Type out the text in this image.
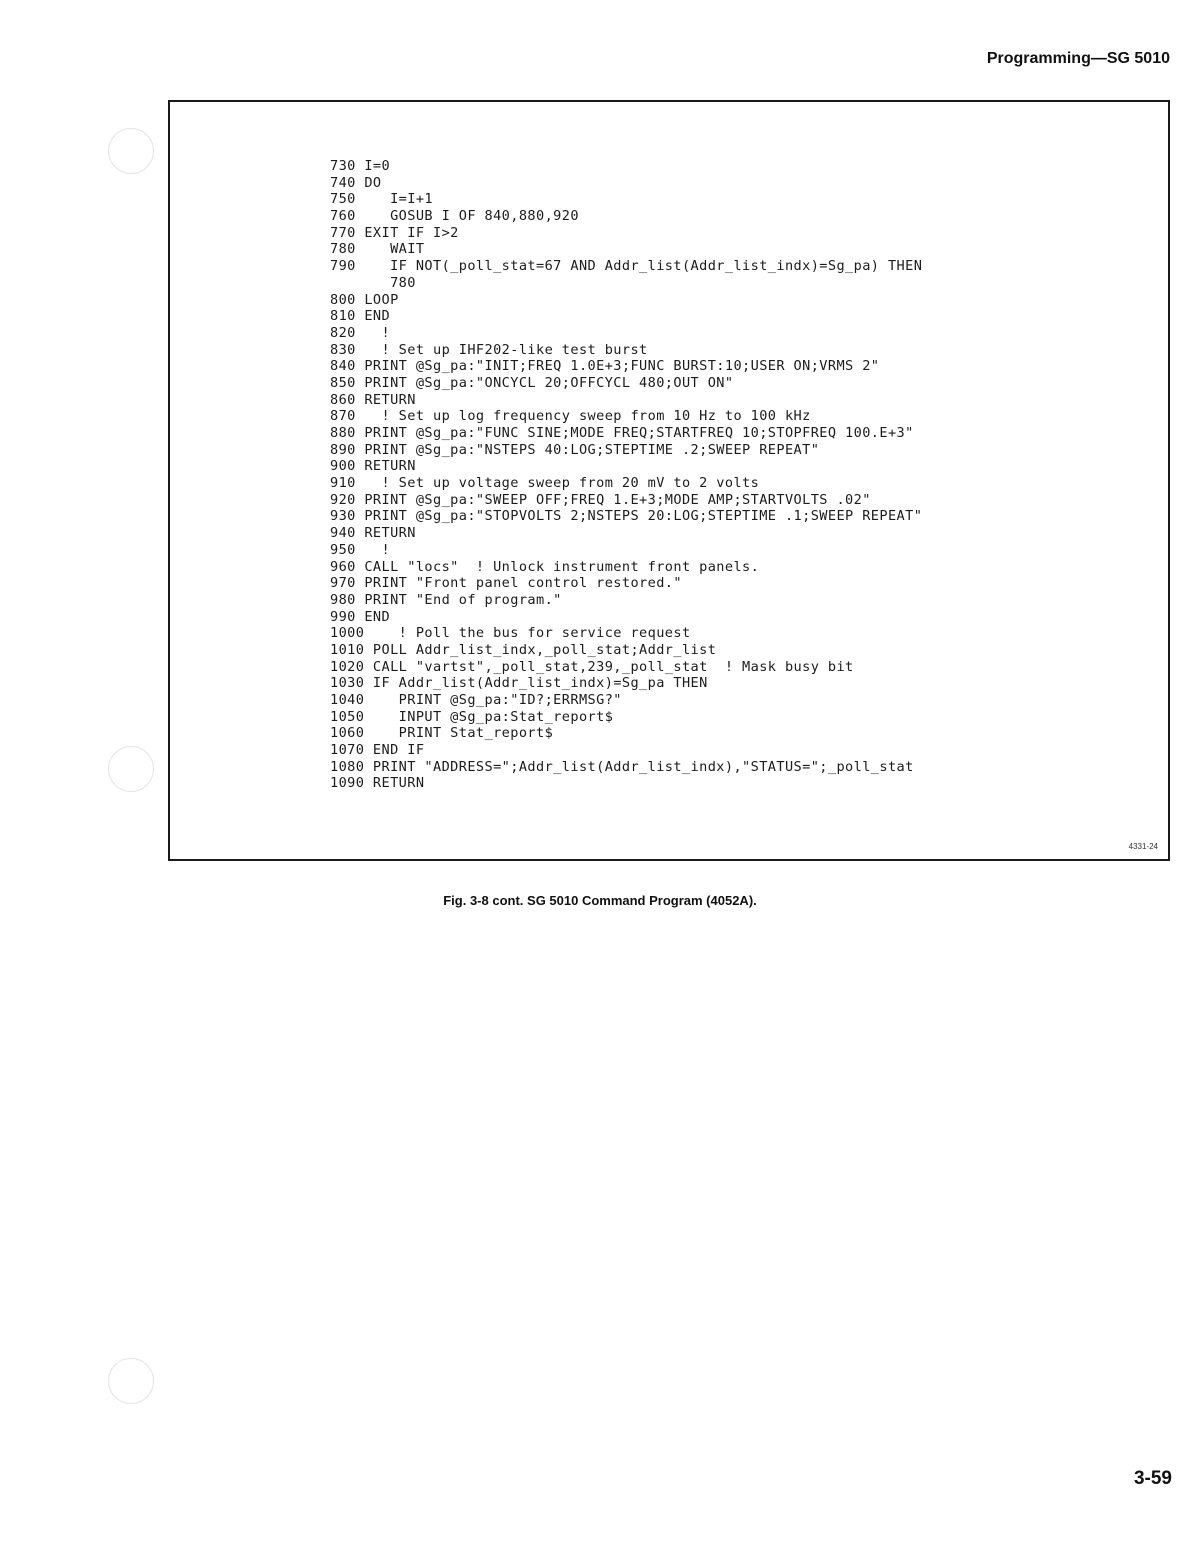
Programming—SG 5010
730 I=0
740 DO
750    I=I+1
760    GOSUB I OF 840,880,920
770 EXIT IF I>2
780    WAIT
790    IF NOT(_poll_stat=67 AND Addr_list(Addr_list_indx)=Sg_pa) THEN
780
800 LOOP
810 END
820   !
830   ! Set up IHF202-like test burst
840 PRINT @Sg_pa:"INIT;FREQ 1.0E+3;FUNC BURST:10;USER ON;VRMS 2"
850 PRINT @Sg_pa:"ONCYCL 20;OFFCYCL 480;OUT ON"
860 RETURN
870   ! Set up log frequency sweep from 10 Hz to 100 kHz
880 PRINT @Sg_pa:"FUNC SINE;MODE FREQ;STARTFREQ 10;STOPFREQ 100.E+3"
890 PRINT @Sg_pa:"NSTEPS 40:LOG;STEPTIME .2;SWEEP REPEAT"
900 RETURN
910   ! Set up voltage sweep from 20 mV to 2 volts
920 PRINT @Sg_pa:"SWEEP OFF;FREQ 1.E+3;MODE AMP;STARTVOLTS .02"
930 PRINT @Sg_pa:"STOPVOLTS 2;NSTEPS 20:LOG;STEPTIME .1;SWEEP REPEAT"
940 RETURN
950   !
960 CALL "locs"  ! Unlock instrument front panels.
970 PRINT "Front panel control restored."
980 PRINT "End of program."
990 END
1000    ! Poll the bus for service request
1010 POLL Addr_list_indx,_poll_stat;Addr_list
1020 CALL "vartst",_poll_stat,239,_poll_stat  ! Mask busy bit
1030 IF Addr_list(Addr_list_indx)=Sg_pa THEN
1040    PRINT @Sg_pa:"ID?;ERRMSG?"
1050    INPUT @Sg_pa:Stat_report$
1060    PRINT Stat_report$
1070 END IF
1080 PRINT "ADDRESS=";Addr_list(Addr_list_indx),"STATUS=";_poll_stat
1090 RETURN
4331-24
Fig. 3-8 cont. SG 5010 Command Program (4052A).
3-59
